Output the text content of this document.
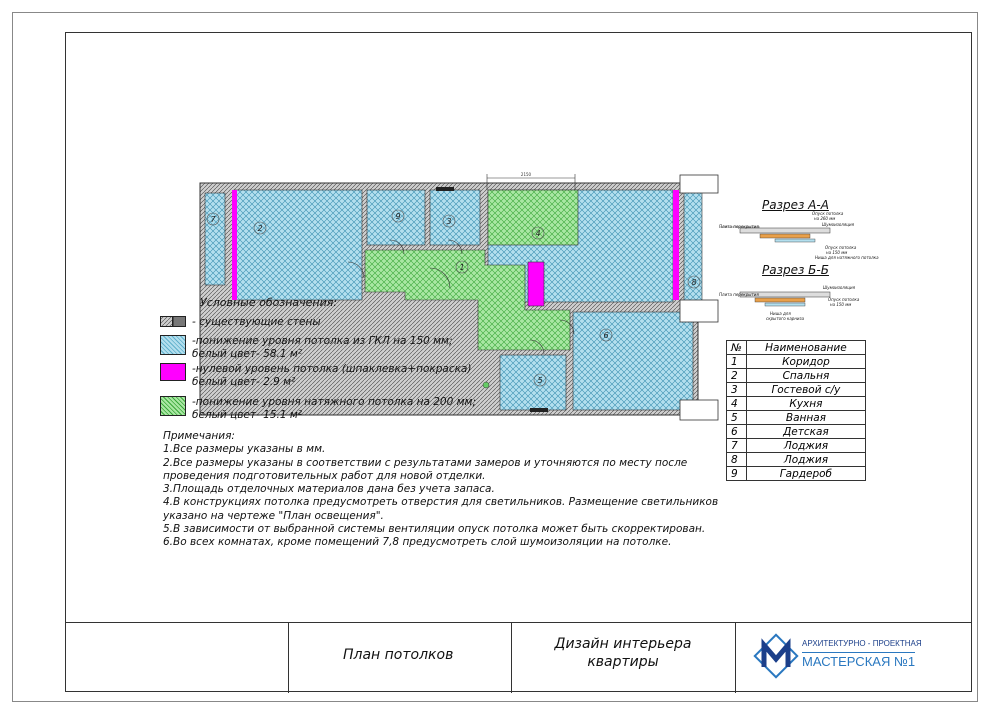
2150
1
2
3
4
5
6
7
8
9
Разрез А-А
Разрез Б-Б
Опуск потолка
на 260 мм
Шумоизоляция
Плита перекрытия
Опуск потолка
на 150 мм
Ниша для натяжного потолка
Шумоизоляция
Плита перекрытия
Опуск потолка
на 150 мм
Ниша для
скрытого карниза
Условные обозначения:
- существующие стены
-понижение уровня потолка из ГКЛ на 150 мм;
белый цвет- 58.1 м²
-нулевой уровень потолка (шпаклевка+покраска)
белый цвет- 2.9 м²
-понижение уровня натяжного потолка на 200 мм;
белый цвет- 15.1 м²
Примечания:
1.Все размеры указаны в мм.
2.Все размеры указаны в соответствии с результатами замеров и уточняются по месту после
проведения подготовительных работ для новой отделки.
3.Площадь отделочных материалов дана без учета запаса.
4.В конструкциях потолка предусмотреть отверстия для светильников. Размещение светильников
указано на чертеже "План освещения".
5.В зависимости от выбранной системы вентиляции опуск потолка может быть скорректирован.
6.Во всех комнатах, кроме помещений 7,8 предусмотреть слой шумоизоляции на потолке.
№	Наименование
1	Коридор
2	Спальня
3	Гостевой с/у
4	Кухня
5	Ванная
6	Детская
7	Лоджия
8	Лоджия
9	Гардероб
План потолков
Дизайн интерьера
квартиры
АРХИТЕКТУРНО - ПРОЕКТНАЯ
МАСТЕРСКАЯ №1
